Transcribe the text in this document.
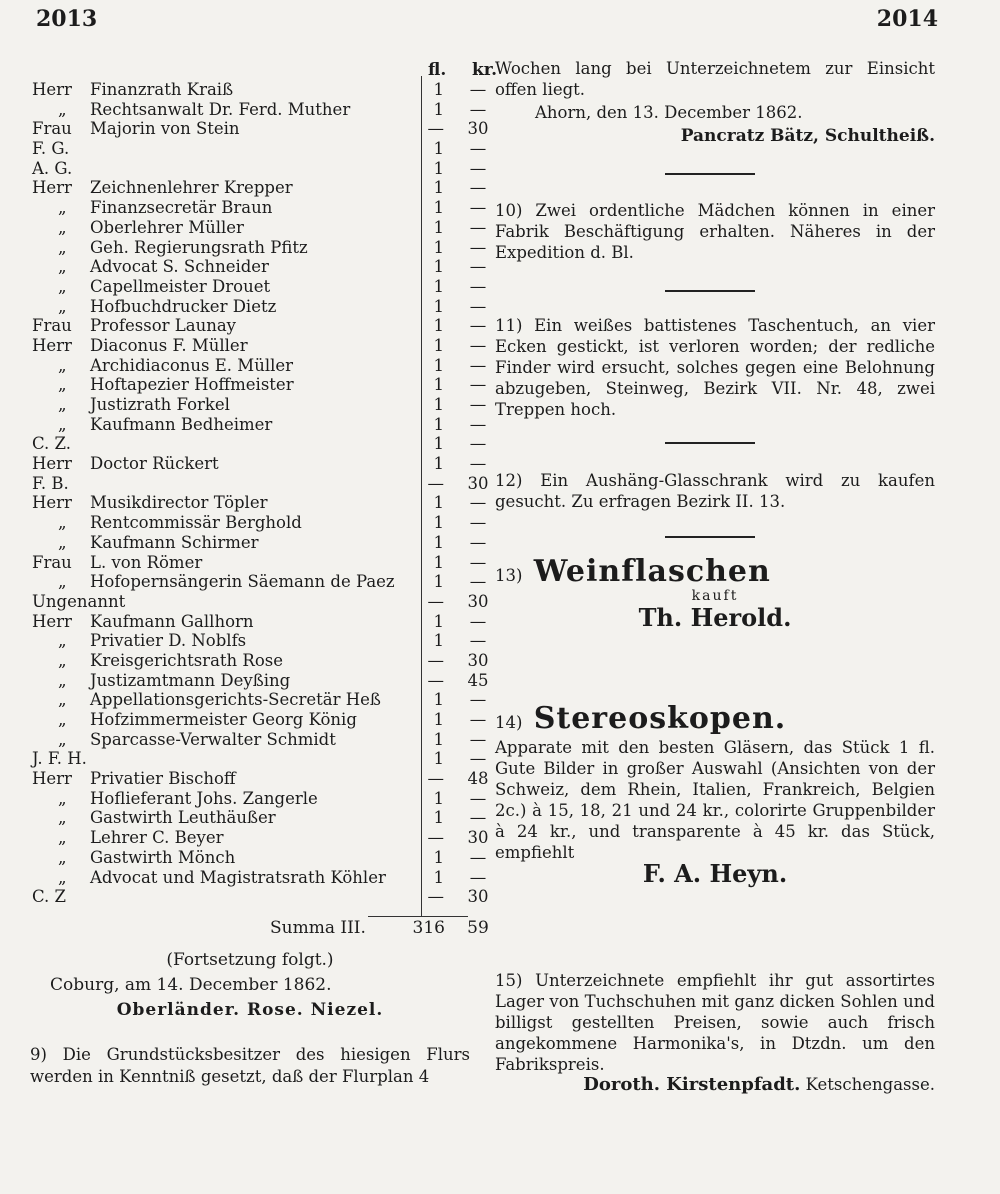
2013	2014
fl. kr.
Herr	Finanzrath Kraiß	1	—
„ Rechtsanwalt Dr. Ferd. Muther	1	—
Frau	Majorin von Stein	—	30
F. G.	1	—
A. G.	1	—
Herr	Zeichnenlehrer Krepper	1	—
„ Finanzsecretär Braun	1	—
„ Oberlehrer Müller	1	—
„ Geh. Regierungsrath Pfitz	1	—
„ Advocat S. Schneider	1	—
„ Capellmeister Drouet	1	—
„ Hofbuchdrucker Dietz	1	—
Frau	Professor Launay	1	—
Herr	Diaconus F. Müller	1	—
„ Archidiaconus E. Müller	1	—
„ Hoftapezier Hoffmeister	1	—
„ Justizrath Forkel	1	—
„ Kaufmann Bedheimer	1	—
C. Z.	1	—
Herr	Doctor Rückert	1	—
F. B.	—	30
Herr	Musikdirector Töpler	1	—
„ Rentcommissär Berghold	1	—
„ Kaufmann Schirmer	1	—
Frau	L. von Römer	1	—
„ Hofopernsängerin Säemann de Paez	1	—
Ungenannt	—	30
Herr	Kaufmann Gallhorn	1	—
„ Privatier D. Noblfs	1	—
„ Kreisgerichtsrath Rose	—	30
„ Justizamtmann Deyßing	—	45
„ Appellationsgerichts-Secretär Heß	1	—
„ Hofzimmermeister Georg König	1	—
„ Sparcasse-Verwalter Schmidt	1	—
J. F. H.	1	—
Herr	Privatier Bischoff	—	48
„ Hoflieferant Johs. Zangerle	1	—
„ Gastwirth Leuthäußer	1	—
„ Lehrer C. Beyer	—	30
„ Gastwirth Mönch	1	—
„ Advocat und Magistratsrath Köhler	1	—
C. Z	—	30
Summa III.	316	59
(Fortsetzung folgt.)
Coburg, am 14. December 1862.
Oberländer. Rose. Niezel.
9) Die Grundstücksbesitzer des hiesigen Flurs werden in Kenntniß gesetzt, daß der Flurplan 4
Wochen lang bei Unterzeichnetem zur Einsicht offen liegt.
Ahorn, den 13. December 1862.
Pancratz Bätz, Schultheiß.
10) Zwei ordentliche Mädchen können in einer Fabrik Beschäftigung erhalten. Näheres in der Expedition d. Bl.
11) Ein weißes battistenes Taschentuch, an vier Ecken gestickt, ist verloren worden; der redliche Finder wird ersucht, solches gegen eine Belohnung abzugeben, Steinweg, Bezirk VII. Nr. 48, zwei Treppen hoch.
12) Ein Aushäng-Glasschrank wird zu kaufen gesucht. Zu erfragen Bezirk II. 13.
13) Weinflaschen
kauft
Th. Herold.
14) Stereoskopen.
Apparate mit den besten Gläsern, das Stück 1 fl. Gute Bilder in großer Auswahl (Ansichten von der Schweiz, dem Rhein, Italien, Frankreich, Belgien 2c.) à 15, 18, 21 und 24 kr., colorirte Gruppenbilder à 24 kr., und transparente à 45 kr. das Stück, empfiehlt
F. A. Heyn.
15) Unterzeichnete empfiehlt ihr gut assortirtes Lager von Tuchschuhen mit ganz dicken Sohlen und billigst gestellten Preisen, sowie auch frisch angekommene Harmonika's, in Dtzdn. um den Fabrikspreis.
Doroth. Kirstenpfadt. Ketschengasse.
